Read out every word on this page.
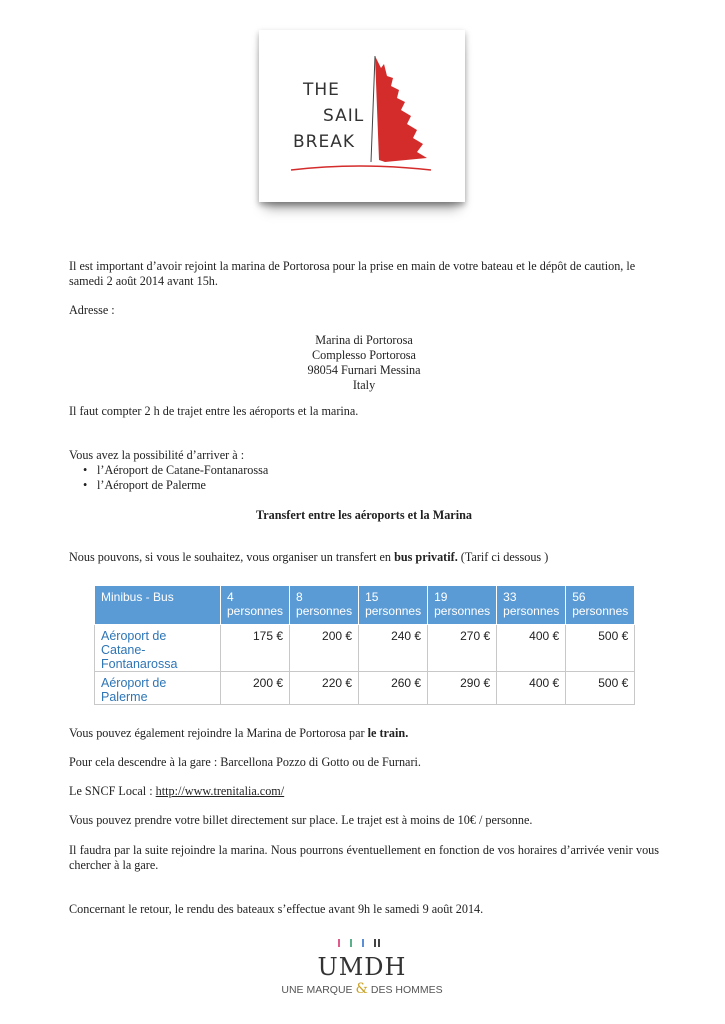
THE
SAIL
BREAK
Il est important d’avoir rejoint la marina de Portorosa pour la prise en main de votre bateau et le dépôt de caution, le samedi 2 août 2014 avant 15h.
Adresse :
Marina di Portorosa
Complesso Portorosa
98054 Furnari Messina
Italy
Il faut compter 2 h de trajet entre les aéroports et la marina.
Vous avez la possibilité d’arriver à :
• l’Aéroport de Catane-Fontanarossa
• l’Aéroport de Palerme
Transfert entre les aéroports et la Marina
Nous pouvons, si vous le souhaitez, vous organiser un transfert en bus privatif. (Tarif ci dessous )
Minibus - Bus	4 personnes	8 personnes	15 personnes	19 personnes	33 personnes	56 personnes
Aéroport de Catane-Fontanarossa	175 €	200 €	240 €	270 €	400 €	500 €
Aéroport de Palerme	200 €	220 €	260 €	290 €	400 €	500 €
Vous pouvez également rejoindre la Marina de Portorosa par le train.
Pour cela descendre à la gare : Barcellona Pozzo di Gotto ou de Furnari.
Le SNCF Local : http://www.trenitalia.com/
Vous pouvez prendre votre billet directement sur place. Le trajet est à moins de 10€ / personne.
Il faudra par la suite rejoindre la marina. Nous pourrons éventuellement en fonction de vos horaires d’arrivée venir vous chercher à la gare.
Concernant le retour, le rendu des bateaux s’effectue avant 9h le samedi 9 août 2014.
UMDH
UNE MARQUE & DES HOMMES
